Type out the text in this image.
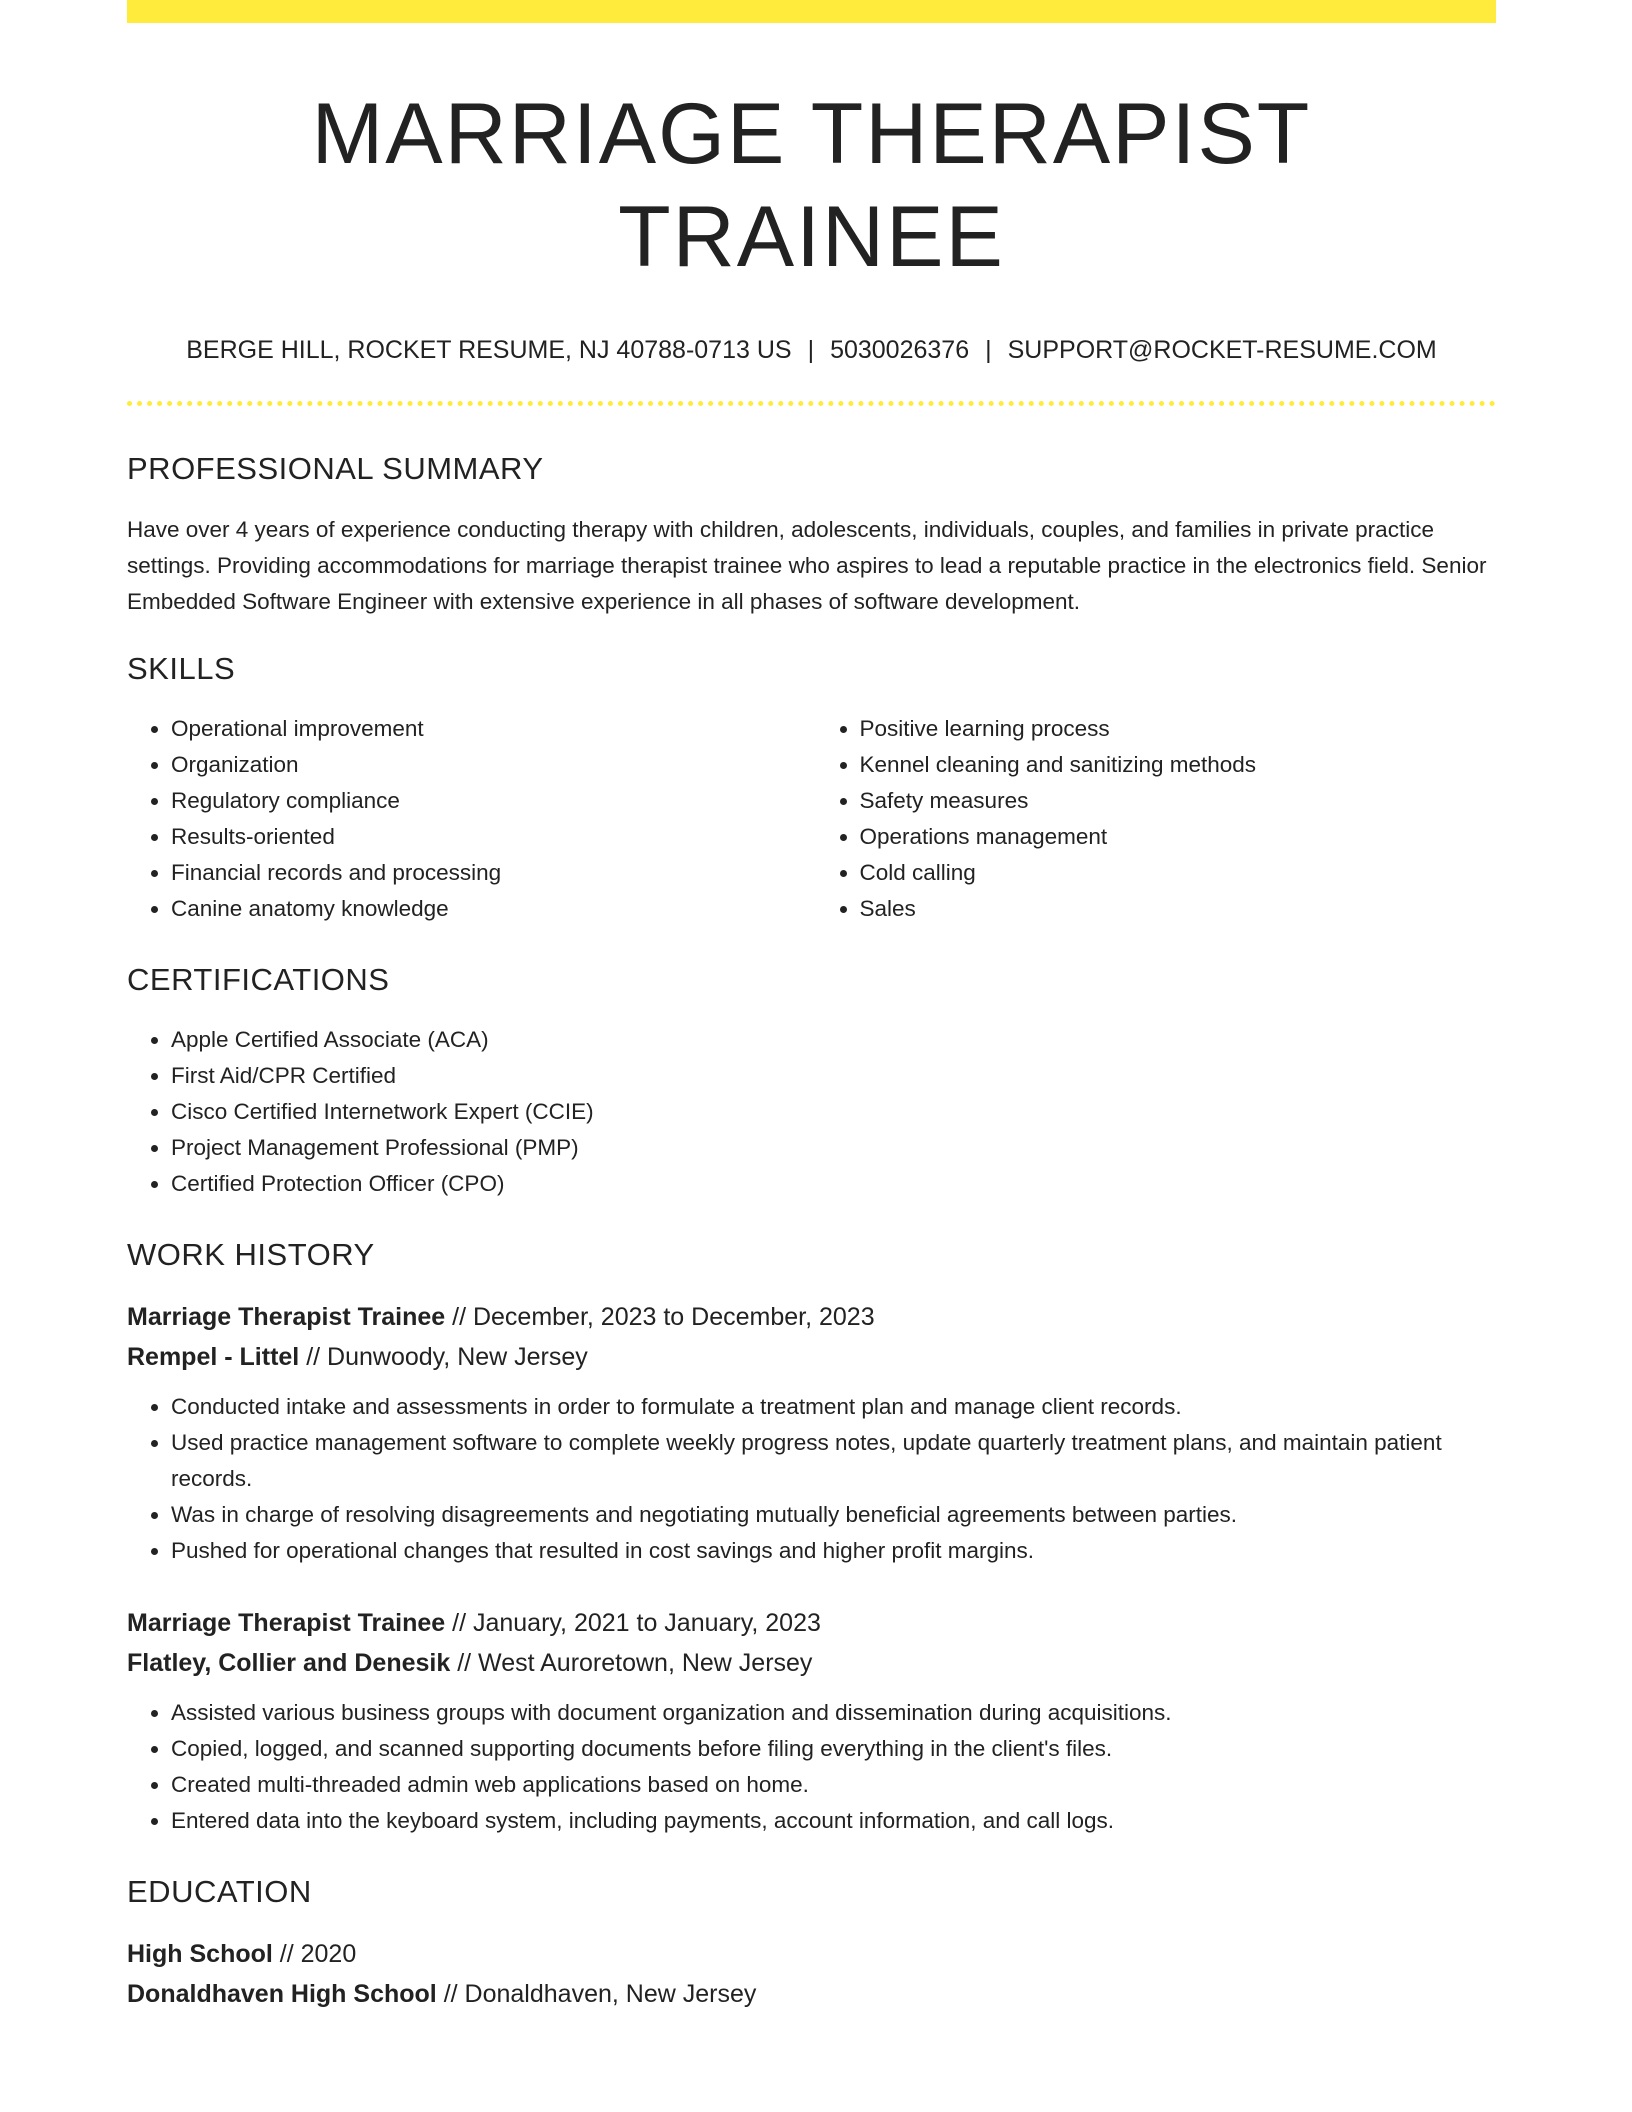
MARRIAGE THERAPIST TRAINEE
BERGE HILL, ROCKET RESUME, NJ 40788-0713 US | 5030026376 | SUPPORT@ROCKET-RESUME.COM
PROFESSIONAL SUMMARY

Have over 4 years of experience conducting therapy with children, adolescents, individuals, couples, and families in private practice settings. Providing accommodations for marriage therapist trainee who aspires to lead a reputable practice in the electronics field. Senior Embedded Software Engineer with extensive experience in all phases of software development.

SKILLS
• Operational improvement
• Organization
• Regulatory compliance
• Results-oriented
• Financial records and processing
• Canine anatomy knowledge
• Positive learning process
• Kennel cleaning and sanitizing methods
• Safety measures
• Operations management
• Cold calling
• Sales
CERTIFICATIONS
• Apple Certified Associate (ACA)
• First Aid/CPR Certified
• Cisco Certified Internetwork Expert (CCIE)
• Project Management Professional (PMP)
• Certified Protection Officer (CPO)
WORK HISTORY

Marriage Therapist Trainee // December, 2023 to December, 2023

Rempel - Littel // Dunwoody, New Jersey

• Conducted intake and assessments in order to formulate a treatment plan and manage client records.
• Used practice management software to complete weekly progress notes, update quarterly treatment plans, and maintain patient records.
• Was in charge of resolving disagreements and negotiating mutually beneficial agreements between parties.
• Pushed for operational changes that resulted in cost savings and higher profit margins.

Marriage Therapist Trainee // January, 2021 to January, 2023

Flatley, Collier and Denesik // West Auroretown, New Jersey

• Assisted various business groups with document organization and dissemination during acquisitions.
• Copied, logged, and scanned supporting documents before filing everything in the client's files.
• Created multi-threaded admin web applications based on home.
• Entered data into the keyboard system, including payments, account information, and call logs.
EDUCATION

High School // 2020

Donaldhaven High School // Donaldhaven, New Jersey
